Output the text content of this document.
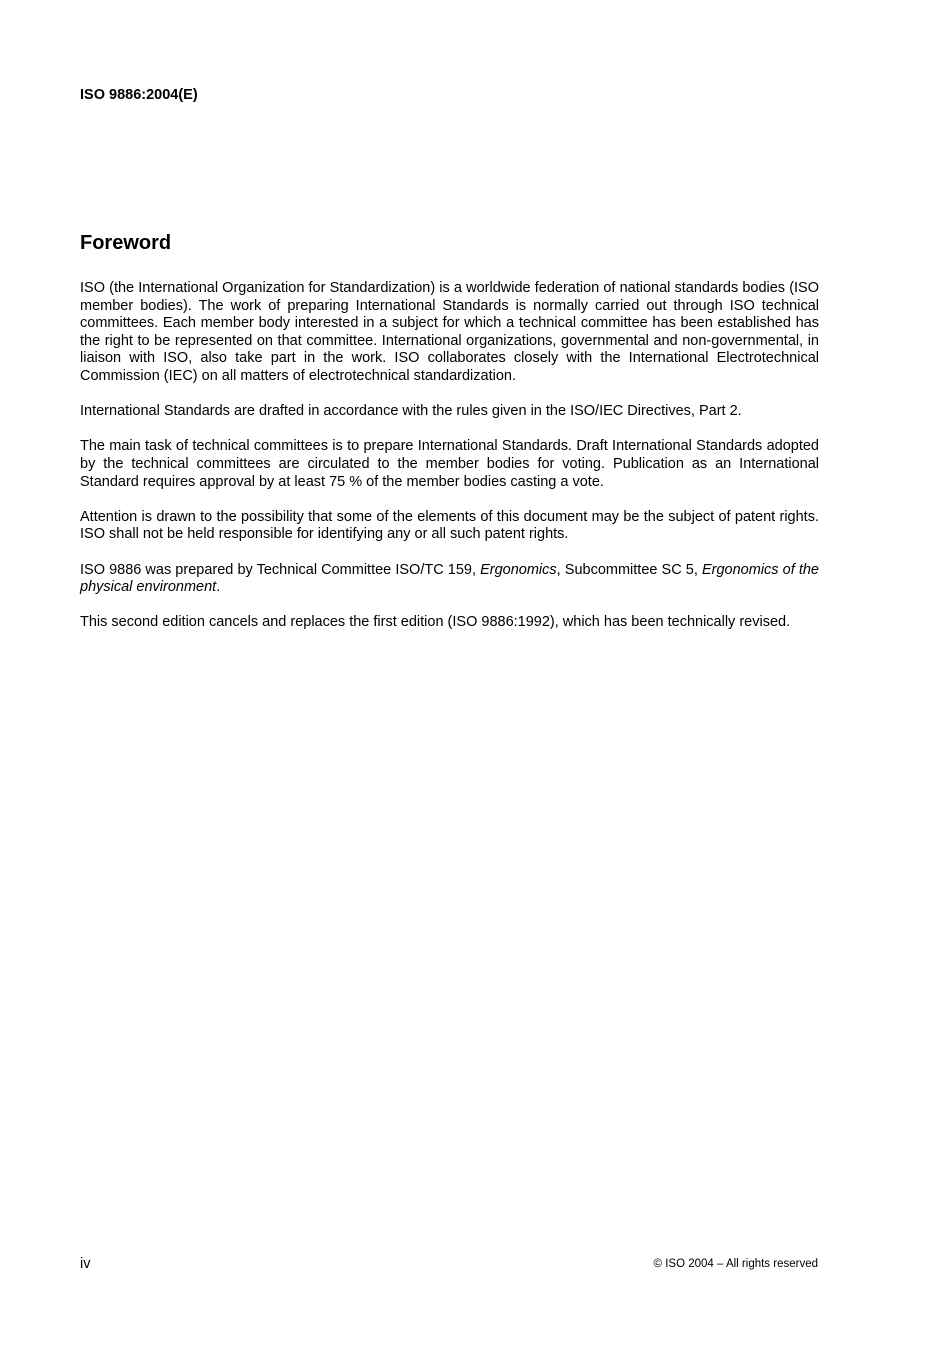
ISO 9886:2004(E)
Foreword

ISO (the International Organization for Standardization) is a worldwide federation of national standards bodies (ISO member bodies). The work of preparing International Standards is normally carried out through ISO technical committees. Each member body interested in a subject for which a technical committee has been established has the right to be represented on that committee. International organizations, governmental and non-governmental, in liaison with ISO, also take part in the work. ISO collaborates closely with the International Electrotechnical Commission (IEC) on all matters of electrotechnical standardization.

International Standards are drafted in accordance with the rules given in the ISO/IEC Directives, Part 2.

The main task of technical committees is to prepare International Standards. Draft International Standards adopted by the technical committees are circulated to the member bodies for voting. Publication as an International Standard requires approval by at least 75 % of the member bodies casting a vote.

Attention is drawn to the possibility that some of the elements of this document may be the subject of patent rights. ISO shall not be held responsible for identifying any or all such patent rights.

ISO 9886 was prepared by Technical Committee ISO/TC 159, Ergonomics, Subcommittee SC 5, Ergonomics of the physical environment.

This second edition cancels and replaces the first edition (ISO 9886:1992), which has been technically revised.

iv	© ISO 2004 – All rights reserved
